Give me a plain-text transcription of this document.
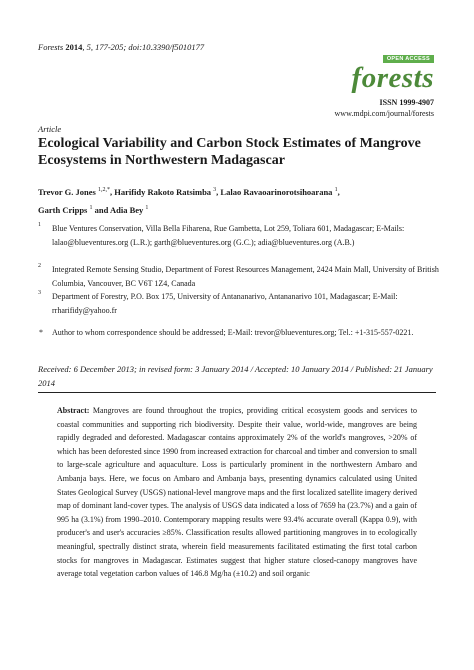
Forests 2014, 5, 177-205; doi:10.3390/f5010177
OPEN ACCESS
forests
ISSN 1999-4907
www.mdpi.com/journal/forests
Article
Ecological Variability and Carbon Stock Estimates of Mangrove Ecosystems in Northwestern Madagascar
Trevor G. Jones $^{1,2,*}$, Harifidy Rakoto Ratsimba $^3$, Lalao Ravaoarinorotsihoarana $^1$,
Garth Cripps $^1$ and Adia Bey $^1$
1 Blue Ventures Conservation, Villa Bella Fiharena, Rue Gambetta, Lot 259, Toliara 601, Madagascar; E-Mails: lalao@blueventures.org (L.R.); garth@blueventures.org (G.C.); adia@blueventures.org (A.B.)
2 Integrated Remote Sensing Studio, Department of Forest Resources Management, 2424 Main Mall, University of British Columbia, Vancouver, BC V6T 1Z4, Canada
3 Department of Forestry, P.O. Box 175, University of Antananarivo, Antananarivo 101, Madagascar; E-Mail: rrharifidy@yahoo.fr
* Author to whom correspondence should be addressed; E-Mail: trevor@blueventures.org; Tel.: +1-315-557-0221.
Received: 6 December 2013; in revised form: 3 January 2014 / Accepted: 10 January 2014 / Published: 21 January 2014
Abstract: Mangroves are found throughout the tropics, providing critical ecosystem goods and services to coastal communities and supporting rich biodiversity. Despite their value, world-wide, mangroves are being rapidly degraded and deforested. Madagascar contains approximately 2% of the world's mangroves, >20% of which has been deforested since 1990 from increased extraction for charcoal and timber and conversion to small to large-scale agriculture and aquaculture. Loss is particularly prominent in the northwestern Ambaro and Ambanja bays. Here, we focus on Ambaro and Ambanja bays, presenting dynamics calculated using United States Geological Survey (USGS) national-level mangrove maps and the first localized satellite imagery derived map of dominant land-cover types. The analysis of USGS data indicated a loss of 7659 ha (23.7%) and a gain of 995 ha (3.1%) from 1990–2010. Contemporary mapping results were 93.4% accurate overall (Kappa 0.9), with producer's and user's accuracies ≥85%. Classification results allowed partitioning mangroves in to ecologically meaningful, spectrally distinct strata, wherein field measurements facilitated estimating the first total carbon stocks for mangroves in Madagascar. Estimates suggest that higher stature closed-canopy mangroves have average total vegetation carbon values of 146.8 Mg/ha (±10.2) and soil organic
